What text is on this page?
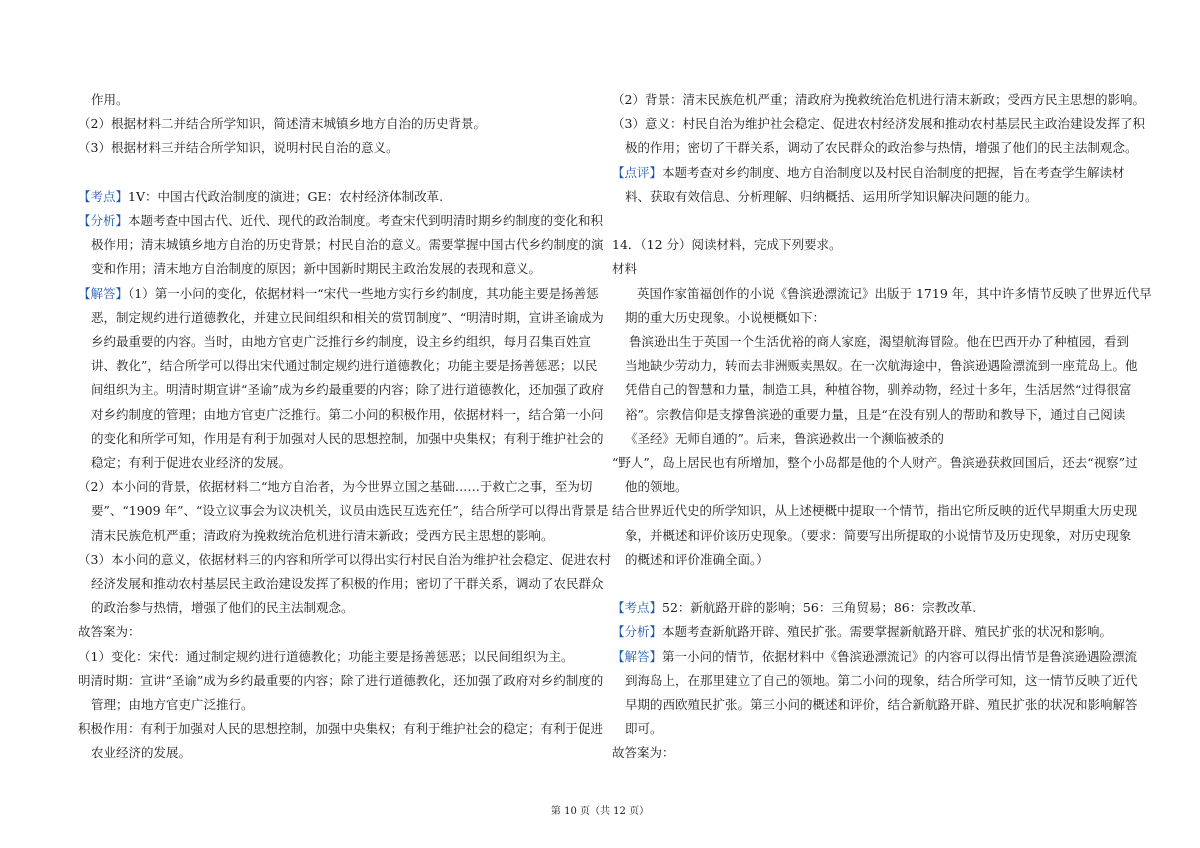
作用。
（2）根据材料二并结合所学知识，简述清末城镇乡地方自治的历史背景。
（3）根据材料三并结合所学知识，说明村民自治的意义。
【考点】1V：中国古代政治制度的演进；GE：农村经济体制改革.
【分析】本题考查中国古代、近代、现代的政治制度。考查宋代到明清时期乡约制度的变化和积
极作用；清末城镇乡地方自治的历史背景；村民自治的意义。需要掌握中国古代乡约制度的演
变和作用；清末地方自治制度的原因；新中国新时期民主政治发展的表现和意义。
【解答】（1）第一小问的变化，依据材料一“宋代一些地方实行乡约制度，其功能主要是扬善惩
恶，制定规约进行道德教化，并建立民间组织和相关的赏罚制度”、“明清时期，宣讲圣谕成为
乡约最重要的内容。当时，由地方官吏广泛推行乡约制度，设主乡约组织，每月召集百姓宣
讲、教化”，结合所学可以得出宋代通过制定规约进行道德教化；功能主要是扬善惩恶；以民
间组织为主。明清时期宣讲“圣谕”成为乡约最重要的内容；除了进行道德教化，还加强了政府
对乡约制度的管理；由地方官吏广泛推行。第二小问的积极作用，依据材料一，结合第一小问
的变化和所学可知，作用是有利于加强对人民的思想控制，加强中央集权；有利于维护社会的
稳定；有利于促进农业经济的发展。
（2）本小问的背景，依据材料二“地方自治者，为今世界立国之基础……于救亡之事，至为切
要”、“1909 年”、“设立议事会为议决机关，议员由选民互选充任”，结合所学可以得出背景是
清末民族危机严重；清政府为挽救统治危机进行清末新政；受西方民主思想的影响。
（3）本小问的意义，依据材料三的内容和所学可以得出实行村民自治为维护社会稳定、促进农村
经济发展和推动农村基层民主政治建设发挥了积极的作用；密切了干群关系，调动了农民群众
的政治参与热情，增强了他们的民主法制观念。
故答案为：
（1）变化：宋代：通过制定规约进行道德教化；功能主要是扬善惩恶；以民间组织为主。
明清时期：宣讲“圣谕”成为乡约最重要的内容；除了进行道德教化，还加强了政府对乡约制度的
管理；由地方官吏广泛推行。
积极作用：有利于加强对人民的思想控制，加强中央集权；有利于维护社会的稳定；有利于促进
农业经济的发展。
（2）背景：清末民族危机严重；清政府为挽救统治危机进行清末新政；受西方民主思想的影响。
（3）意义：村民自治为维护社会稳定、促进农村经济发展和推动农村基层民主政治建设发挥了积
极的作用；密切了干群关系，调动了农民群众的政治参与热情，增强了他们的民主法制观念。
【点评】本题考查对乡约制度、地方自治制度以及村民自治制度的把握，旨在考查学生解读材
料、获取有效信息、分析理解、归纳概括、运用所学知识解决问题的能力。
14．（12 分）阅读材料，完成下列要求。
材料
英国作家笛福创作的小说《鲁滨逊漂流记》出版于 1719 年，其中许多情节反映了世界近代早
期的重大历史现象。小说梗概如下：
鲁滨逊出生于英国一个生活优裕的商人家庭，渴望航海冒险。他在巴西开办了种植园，看到
当地缺少劳动力，转而去非洲贩卖黑奴。在一次航海途中，鲁滨逊遇险漂流到一座荒岛上。他
凭借自己的智慧和力量，制造工具，种植谷物，驯养动物，经过十多年，生活居然“过得很富
裕”。宗教信仰是支撑鲁滨逊的重要力量，且是“在没有别人的帮助和教导下，通过自己阅读
《圣经》无师自通的”。后来，鲁滨逊救出一个濒临被杀的
“野人”，岛上居民也有所增加，整个小岛都是他的个人财产。鲁滨逊获救回国后，还去“视察”过
他的领地。
结合世界近代史的所学知识，从上述梗概中提取一个情节，指出它所反映的近代早期重大历史现
象，并概述和评价该历史现象。（要求：简要写出所提取的小说情节及历史现象，对历史现象
的概述和评价准确全面。）
【考点】52：新航路开辟的影响；56：三角贸易；86：宗教改革.
【分析】本题考查新航路开辟、殖民扩张。需要掌握新航路开辟、殖民扩张的状况和影响。
【解答】第一小问的情节，依据材料中《鲁滨逊漂流记》的内容可以得出情节是鲁滨逊遇险漂流
到海岛上，在那里建立了自己的领地。第二小问的现象，结合所学可知，这一情节反映了近代
早期的西欧殖民扩张。第三小问的概述和评价，结合新航路开辟、殖民扩张的状况和影响解答
即可。
故答案为：
第 10 页（共 12 页）
